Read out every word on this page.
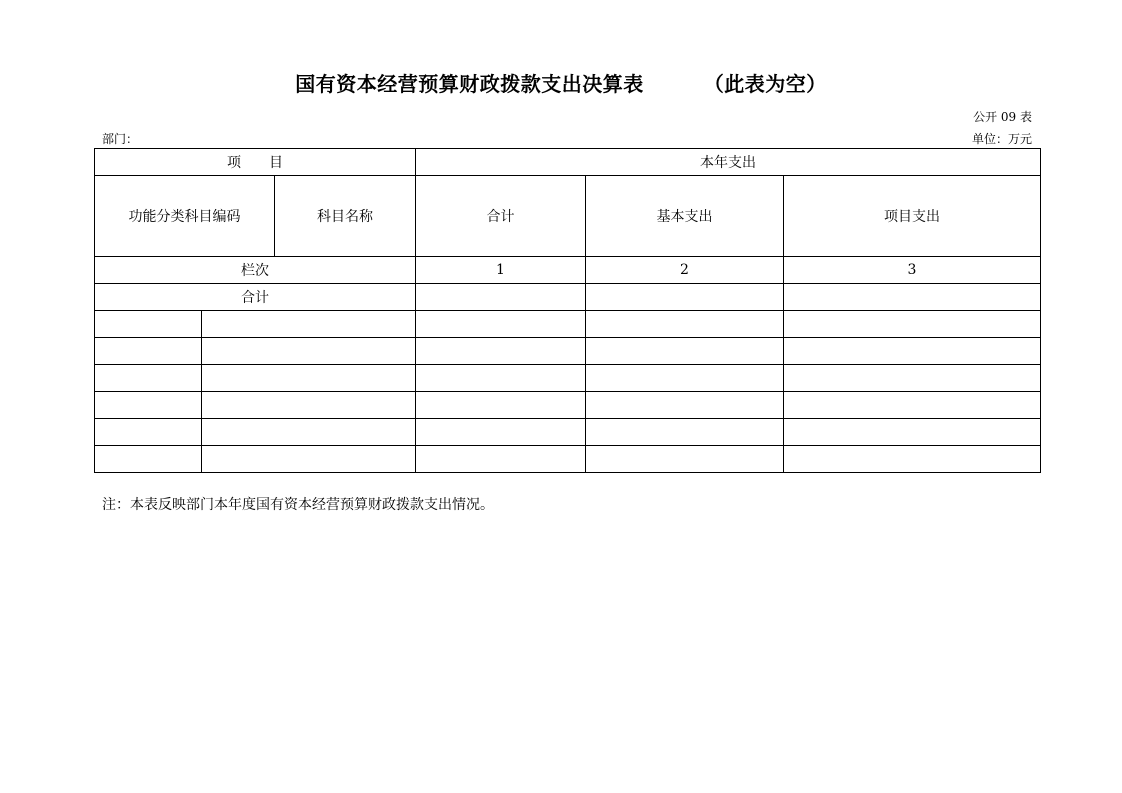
国有资本经营预算财政拨款支出决算表	（此表为空）
公开 09 表
部门：	单位：万元
项　　目			本年支出		
功能分类科目编码		科目名称	合计	基本支出	项目支出
栏次			1	2	3
合计					

注：本表反映部门本年度国有资本经营预算财政拨款支出情况。
